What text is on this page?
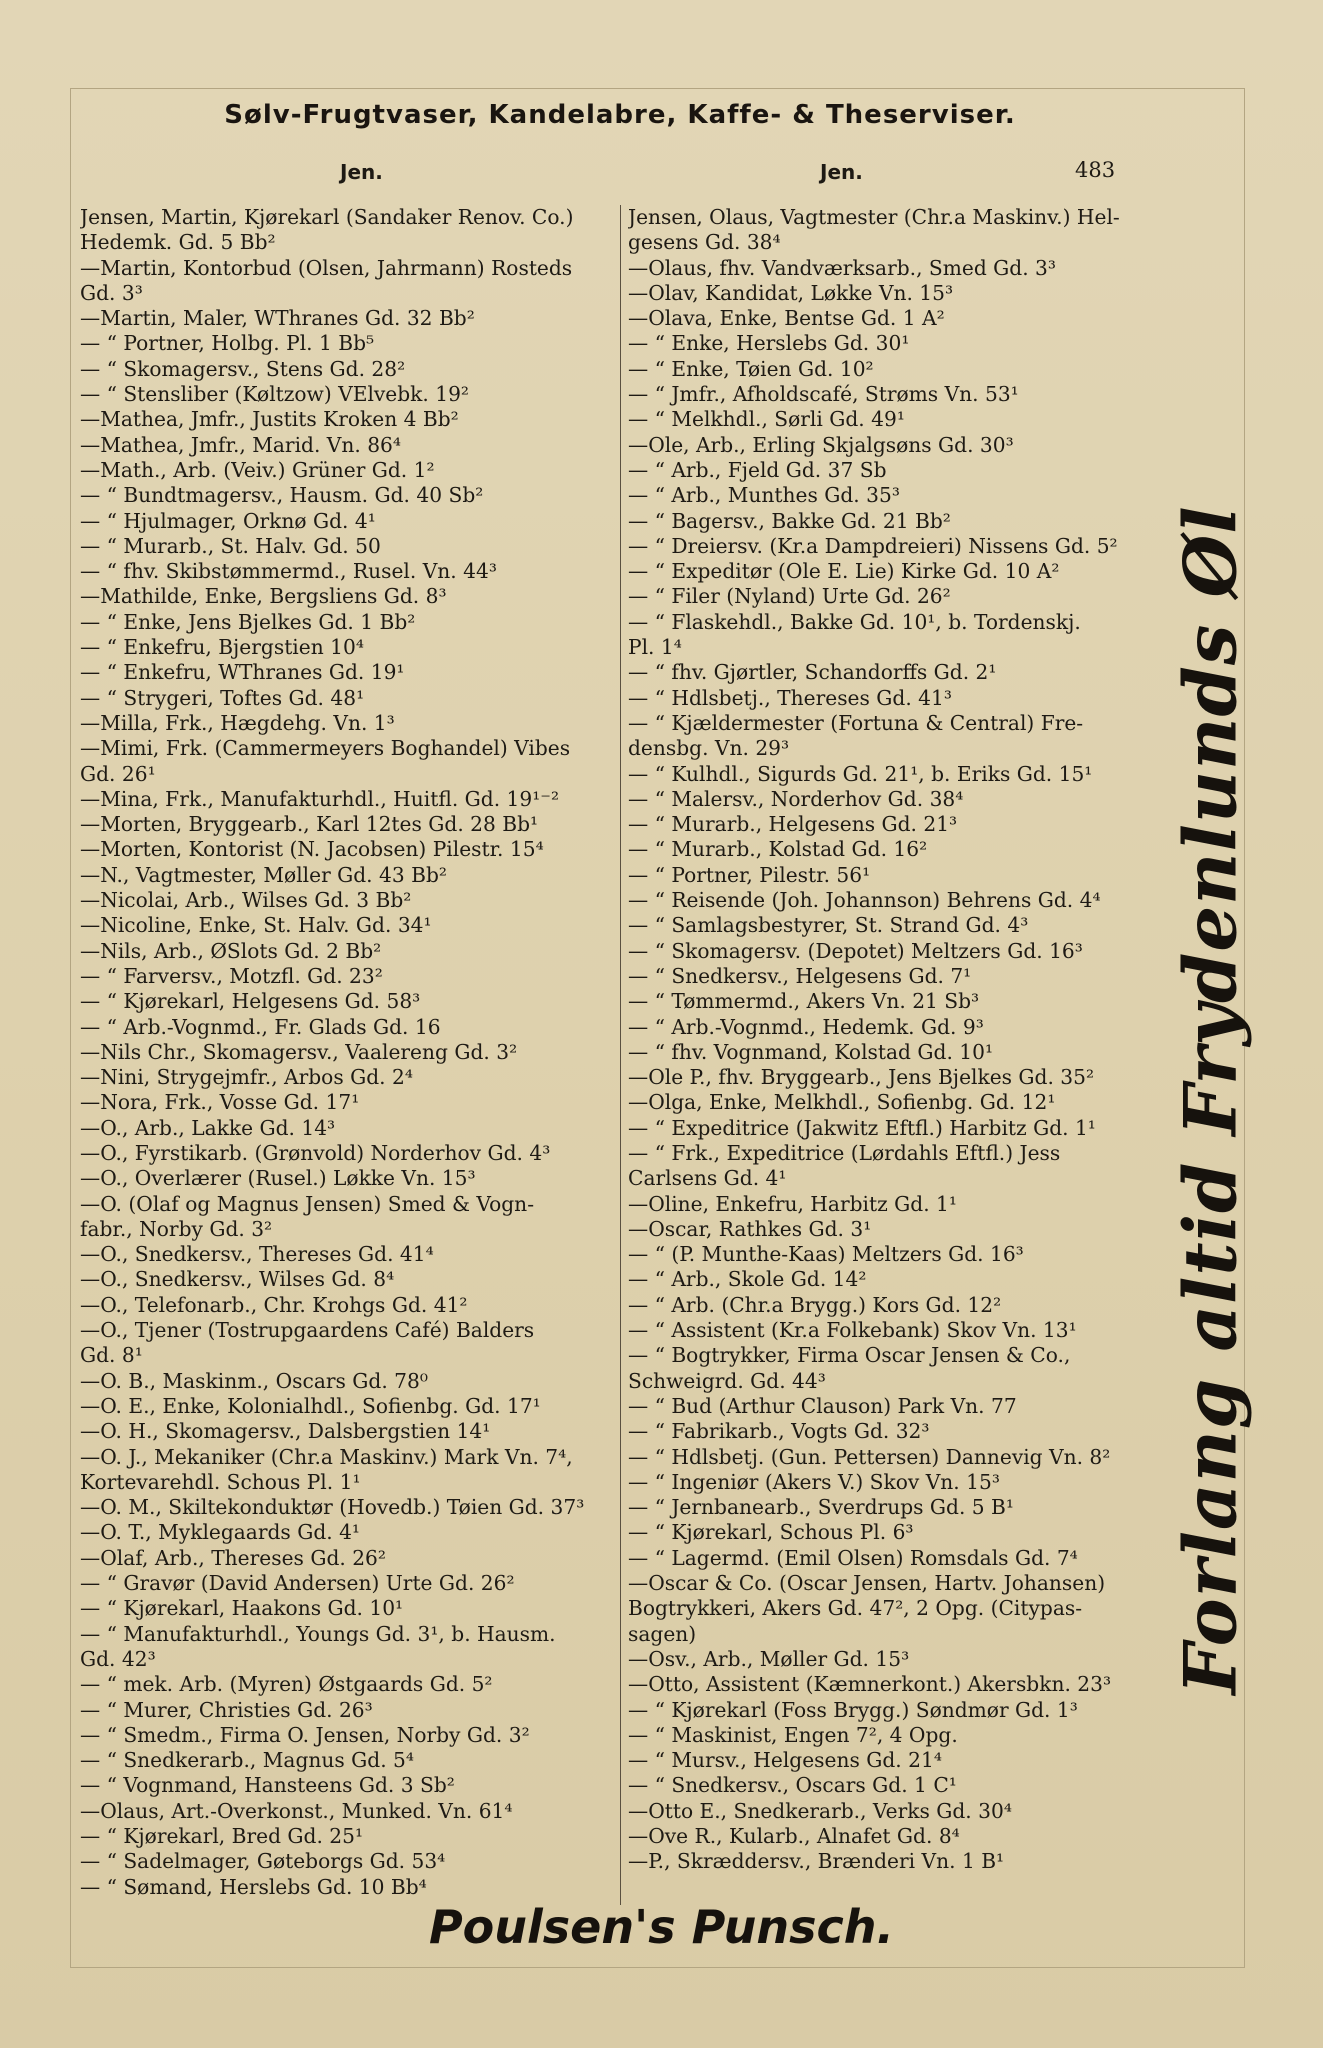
Sølv-Frugtvaser, Kandelabre, Kaffe- & Theserviser.
Jen.	Jen.	483
Jensen, Martin, Kjørekarl (Sandaker Renov. Co.)
Hedemk. Gd. 5 Bb²
—Martin, Kontorbud (Olsen, Jahrmann) Rosteds
Gd. 3³
—Martin, Maler, WThranes Gd. 32 Bb²
— “ Portner, Holbg. Pl. 1 Bb⁵
— “ Skomagersv., Stens Gd. 28²
— “ Stensliber (Køltzow) VElvebk. 19²
—Mathea, Jmfr., Justits Kroken 4 Bb²
—Mathea, Jmfr., Marid. Vn. 86⁴
—Math., Arb. (Veiv.) Grüner Gd. 1²
— “ Bundtmagersv., Hausm. Gd. 40 Sb²
— “ Hjulmager, Orknø Gd. 4¹
— “ Murarb., St. Halv. Gd. 50
— “ fhv. Skibstømmermd., Rusel. Vn. 44³
—Mathilde, Enke, Bergsliens Gd. 8³
— “ Enke, Jens Bjelkes Gd. 1 Bb²
— “ Enkefru, Bjergstien 10⁴
— “ Enkefru, WThranes Gd. 19¹
— “ Strygeri, Toftes Gd. 48¹
—Milla, Frk., Hægdehg. Vn. 1³
—Mimi, Frk. (Cammermeyers Boghandel) Vibes
Gd. 26¹
—Mina, Frk., Manufakturhdl., Huitfl. Gd. 19¹⁻²
—Morten, Bryggearb., Karl 12tes Gd. 28 Bb¹
—Morten, Kontorist (N. Jacobsen) Pilestr. 15⁴
—N., Vagtmester, Møller Gd. 43 Bb²
—Nicolai, Arb., Wilses Gd. 3 Bb²
—Nicoline, Enke, St. Halv. Gd. 34¹
—Nils, Arb., ØSlots Gd. 2 Bb²
— “ Farversv., Motzfl. Gd. 23²
— “ Kjørekarl, Helgesens Gd. 58³
— “ Arb.-Vognmd., Fr. Glads Gd. 16
—Nils Chr., Skomagersv., Vaalereng Gd. 3²
—Nini, Strygejmfr., Arbos Gd. 2⁴
—Nora, Frk., Vosse Gd. 17¹
—O., Arb., Lakke Gd. 14³
—O., Fyrstikarb. (Grønvold) Norderhov Gd. 4³
—O., Overlærer (Rusel.) Løkke Vn. 15³
—O. (Olaf og Magnus Jensen) Smed & Vogn-
fabr., Norby Gd. 3²
—O., Snedkersv., Thereses Gd. 41⁴
—O., Snedkersv., Wilses Gd. 8⁴
—O., Telefonarb., Chr. Krohgs Gd. 41²
—O., Tjener (Tostrupgaardens Café) Balders
Gd. 8¹
—O. B., Maskinm., Oscars Gd. 78⁰
—O. E., Enke, Kolonialhdl., Sofienbg. Gd. 17¹
—O. H., Skomagersv., Dalsbergstien 14¹
—O. J., Mekaniker (Chr.a Maskinv.) Mark Vn. 7⁴,
Kortevarehdl. Schous Pl. 1¹
—O. M., Skiltekonduktør (Hovedb.) Tøien Gd. 37³
—O. T., Myklegaards Gd. 4¹
—Olaf, Arb., Thereses Gd. 26²
— “ Gravør (David Andersen) Urte Gd. 26²
— “ Kjørekarl, Haakons Gd. 10¹
— “ Manufakturhdl., Youngs Gd. 3¹, b. Hausm.
Gd. 42³
— “ mek. Arb. (Myren) Østgaards Gd. 5²
— “ Murer, Christies Gd. 26³
— “ Smedm., Firma O. Jensen, Norby Gd. 3²
— “ Snedkerarb., Magnus Gd. 5⁴
— “ Vognmand, Hansteens Gd. 3 Sb²
—Olaus, Art.-Overkonst., Munked. Vn. 61⁴
— “ Kjørekarl, Bred Gd. 25¹
— “ Sadelmager, Gøteborgs Gd. 53⁴
— “ Sømand, Herslebs Gd. 10 Bb⁴
Jensen, Olaus, Vagtmester (Chr.a Maskinv.) Hel-
gesens Gd. 38⁴
—Olaus, fhv. Vandværksarb., Smed Gd. 3³
—Olav, Kandidat, Løkke Vn. 15³
—Olava, Enke, Bentse Gd. 1 A²
— “ Enke, Herslebs Gd. 30¹
— “ Enke, Tøien Gd. 10²
— “ Jmfr., Afholdscafé, Strøms Vn. 53¹
— “ Melkhdl., Sørli Gd. 49¹
—Ole, Arb., Erling Skjalgsøns Gd. 30³
— “ Arb., Fjeld Gd. 37 Sb
— “ Arb., Munthes Gd. 35³
— “ Bagersv., Bakke Gd. 21 Bb²
— “ Dreiersv. (Kr.a Dampdreieri) Nissens Gd. 5²
— “ Expeditør (Ole E. Lie) Kirke Gd. 10 A²
— “ Filer (Nyland) Urte Gd. 26²
— “ Flaskehdl., Bakke Gd. 10¹, b. Tordenskj.
Pl. 1⁴
— “ fhv. Gjørtler, Schandorffs Gd. 2¹
— “ Hdlsbetj., Thereses Gd. 41³
— “ Kjældermester (Fortuna & Central) Fre-
densbg. Vn. 29³
— “ Kulhdl., Sigurds Gd. 21¹, b. Eriks Gd. 15¹
— “ Malersv., Norderhov Gd. 38⁴
— “ Murarb., Helgesens Gd. 21³
— “ Murarb., Kolstad Gd. 16²
— “ Portner, Pilestr. 56¹
— “ Reisende (Joh. Johannson) Behrens Gd. 4⁴
— “ Samlagsbestyrer, St. Strand Gd. 4³
— “ Skomagersv. (Depotet) Meltzers Gd. 16³
— “ Snedkersv., Helgesens Gd. 7¹
— “ Tømmermd., Akers Vn. 21 Sb³
— “ Arb.-Vognmd., Hedemk. Gd. 9³
— “ fhv. Vognmand, Kolstad Gd. 10¹
—Ole P., fhv. Bryggearb., Jens Bjelkes Gd. 35²
—Olga, Enke, Melkhdl., Sofienbg. Gd. 12¹
— “ Expeditrice (Jakwitz Eftfl.) Harbitz Gd. 1¹
— “ Frk., Expeditrice (Lørdahls Eftfl.) Jess
Carlsens Gd. 4¹
—Oline, Enkefru, Harbitz Gd. 1¹
—Oscar, Rathkes Gd. 3¹
— “ (P. Munthe-Kaas) Meltzers Gd. 16³
— “ Arb., Skole Gd. 14²
— “ Arb. (Chr.a Brygg.) Kors Gd. 12²
— “ Assistent (Kr.a Folkebank) Skov Vn. 13¹
— “ Bogtrykker, Firma Oscar Jensen & Co.,
Schweigrd. Gd. 44³
— “ Bud (Arthur Clauson) Park Vn. 77
— “ Fabrikarb., Vogts Gd. 32³
— “ Hdlsbetj. (Gun. Pettersen) Dannevig Vn. 8²
— “ Ingeniør (Akers V.) Skov Vn. 15³
— “ Jernbanearb., Sverdrups Gd. 5 B¹
— “ Kjørekarl, Schous Pl. 6³
— “ Lagermd. (Emil Olsen) Romsdals Gd. 7⁴
—Oscar & Co. (Oscar Jensen, Hartv. Johansen)
Bogtrykkeri, Akers Gd. 47², 2 Opg. (Citypas-
sagen)
—Osv., Arb., Møller Gd. 15³
—Otto, Assistent (Kæmnerkont.) Akersbkn. 23³
— “ Kjørekarl (Foss Brygg.) Søndmør Gd. 1³
— “ Maskinist, Engen 7², 4 Opg.
— “ Mursv., Helgesens Gd. 21⁴
— “ Snedkersv., Oscars Gd. 1 C¹
—Otto E., Snedkerarb., Verks Gd. 30⁴
—Ove R., Kularb., Alnafet Gd. 8⁴
—P., Skræddersv., Brænderi Vn. 1 B¹
Forlang altid Frydenlunds Øl
Poulsen's Punsch.
